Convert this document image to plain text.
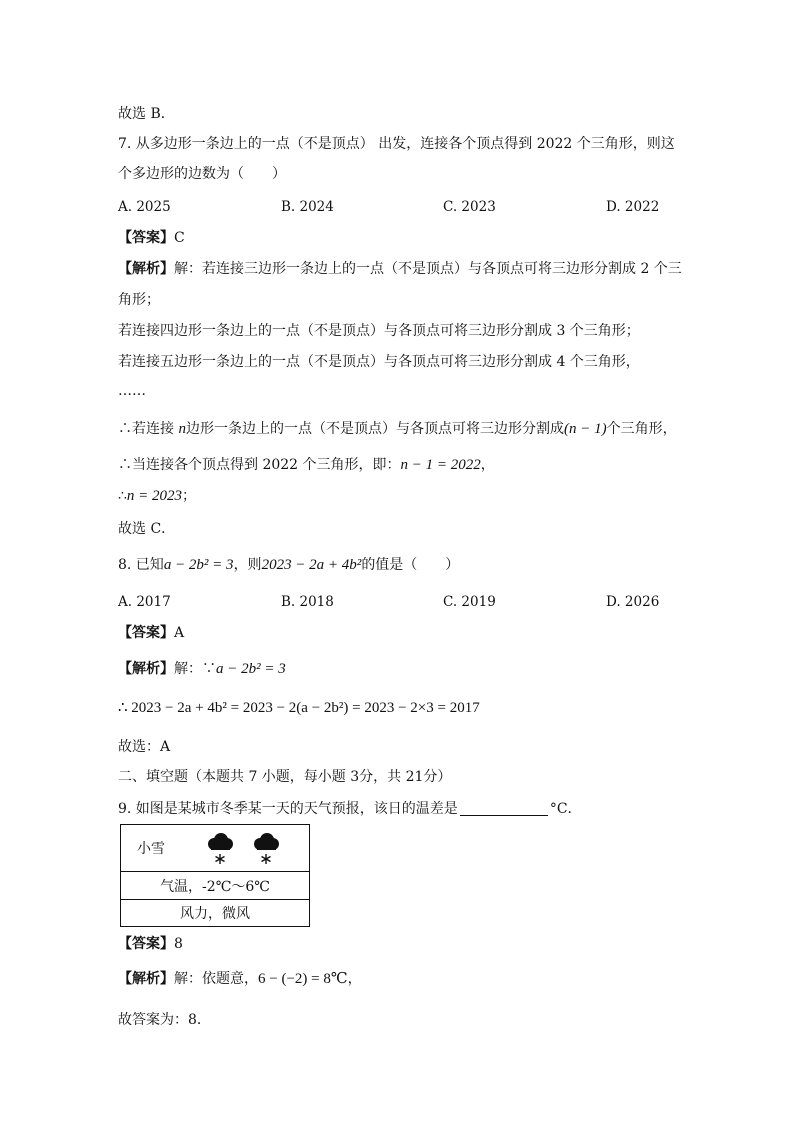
故选 B．
7. 从多边形一条边上的一点（不是顶点） 出发，连接各个顶点得到 2022 个三角形，则这
个多边形的边数为（　　）
A. 2025	B. 2024	C. 2023	D. 2022
【答案】C
【解析】解：若连接三边形一条边上的一点（不是顶点）与各顶点可将三边形分割成 2 个三
角形；
若连接四边形一条边上的一点（不是顶点）与各顶点可将三边形分割成 3 个三角形；
若连接五边形一条边上的一点（不是顶点）与各顶点可将三边形分割成 4 个三角形，
……
∴若连接 n边形一条边上的一点（不是顶点）与各顶点可将三边形分割成(n − 1)个三角形，
∴当连接各个顶点得到 2022 个三角形，即：n − 1 = 2022，
∴n = 2023；
故选 C．
8. 已知a − 2b² = 3，则2023 − 2a + 4b²的值是（　　）
A. 2017	B. 2018	C. 2019	D. 2026
【答案】A
【解析】解：∵a − 2b² = 3
∴ 2023 − 2a + 4b² = 2023 − 2(a − 2b²) = 2023 − 2×3 = 2017
故选：A
二、填空题（本题共 7 小题，每小题 3分，共 21分）
9. 如图是某城市冬季某一天的天气预报，该日的温差是	°C．
小雪

气温，-2℃～6℃
风力，微风
【答案】8
【解析】解：依题意，6 − (−2) = 8℃，
故答案为：8．
